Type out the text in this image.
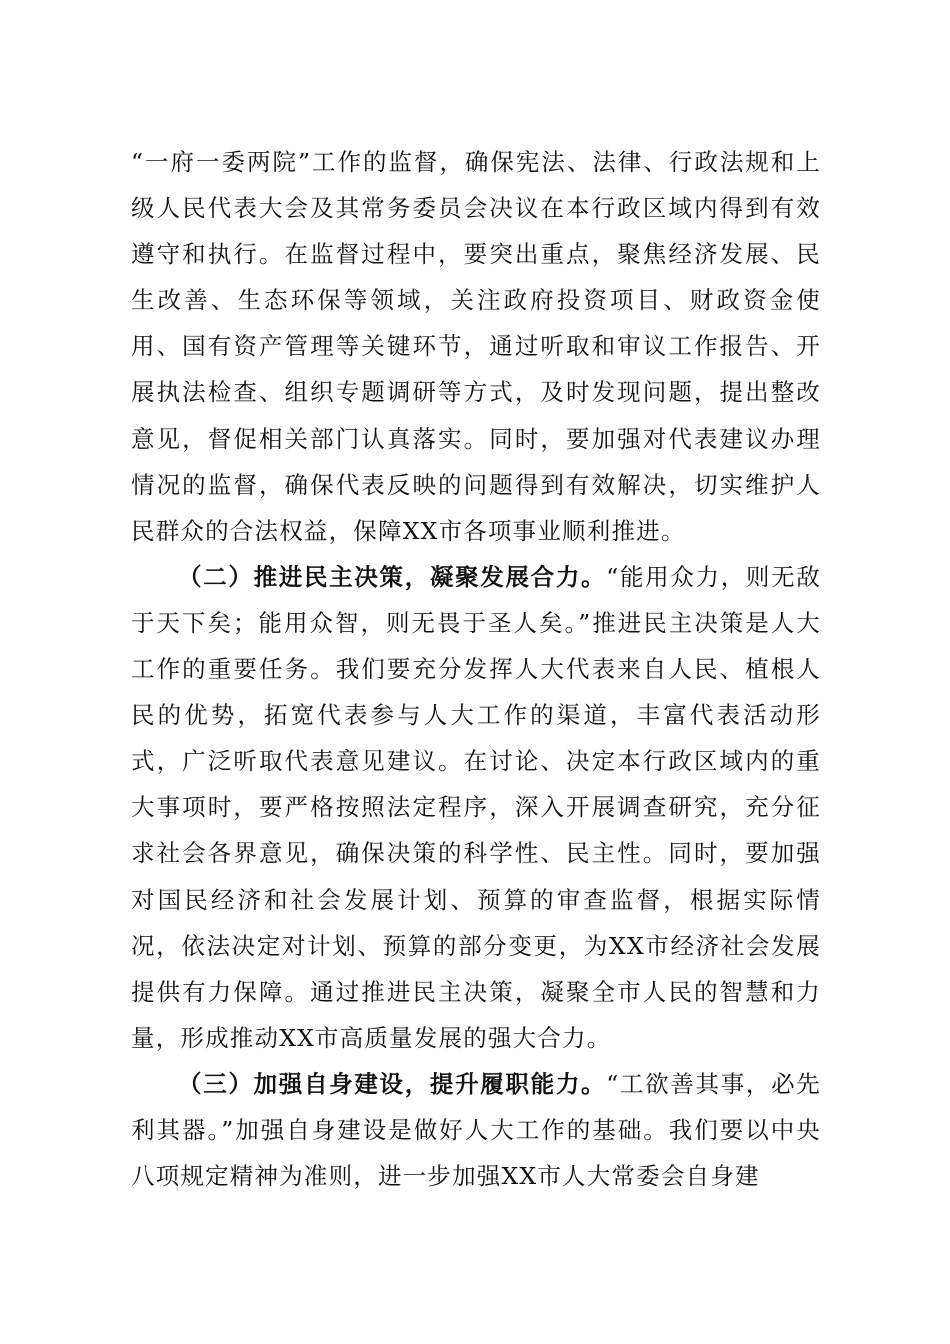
“一府一委两院”工作的监督，确保宪法、法律、行政法规和上级人民代表大会及其常务委员会决议在本行政区域内得到有效遵守和执行。在监督过程中，要突出重点，聚焦经济发展、民生改善、生态环保等领域，关注政府投资项目、财政资金使用、国有资产管理等关键环节，通过听取和审议工作报告、开展执法检查、组织专题调研等方式，及时发现问题，提出整改意见，督促相关部门认真落实。同时，要加强对代表建议办理情况的监督，确保代表反映的问题得到有效解决，切实维护人民群众的合法权益，保障XX市各项事业顺利推进。

（二）推进民主决策，凝聚发展合力。“能用众力，则无敌于天下矣；能用众智，则无畏于圣人矣。”推进民主决策是人大工作的重要任务。我们要充分发挥人大代表来自人民、植根人民的优势，拓宽代表参与人大工作的渠道，丰富代表活动形式，广泛听取代表意见建议。在讨论、决定本行政区域内的重大事项时，要严格按照法定程序，深入开展调查研究，充分征求社会各界意见，确保决策的科学性、民主性。同时，要加强对国民经济和社会发展计划、预算的审查监督，根据实际情况，依法决定对计划、预算的部分变更，为XX市经济社会发展提供有力保障。通过推进民主决策，凝聚全市人民的智慧和力量，形成推动XX市高质量发展的强大合力。

（三）加强自身建设，提升履职能力。“工欲善其事，必先利其器。”加强自身建设是做好人大工作的基础。我们要以中央八项规定精神为准则，进一步加强XX市人大常委会自身建
